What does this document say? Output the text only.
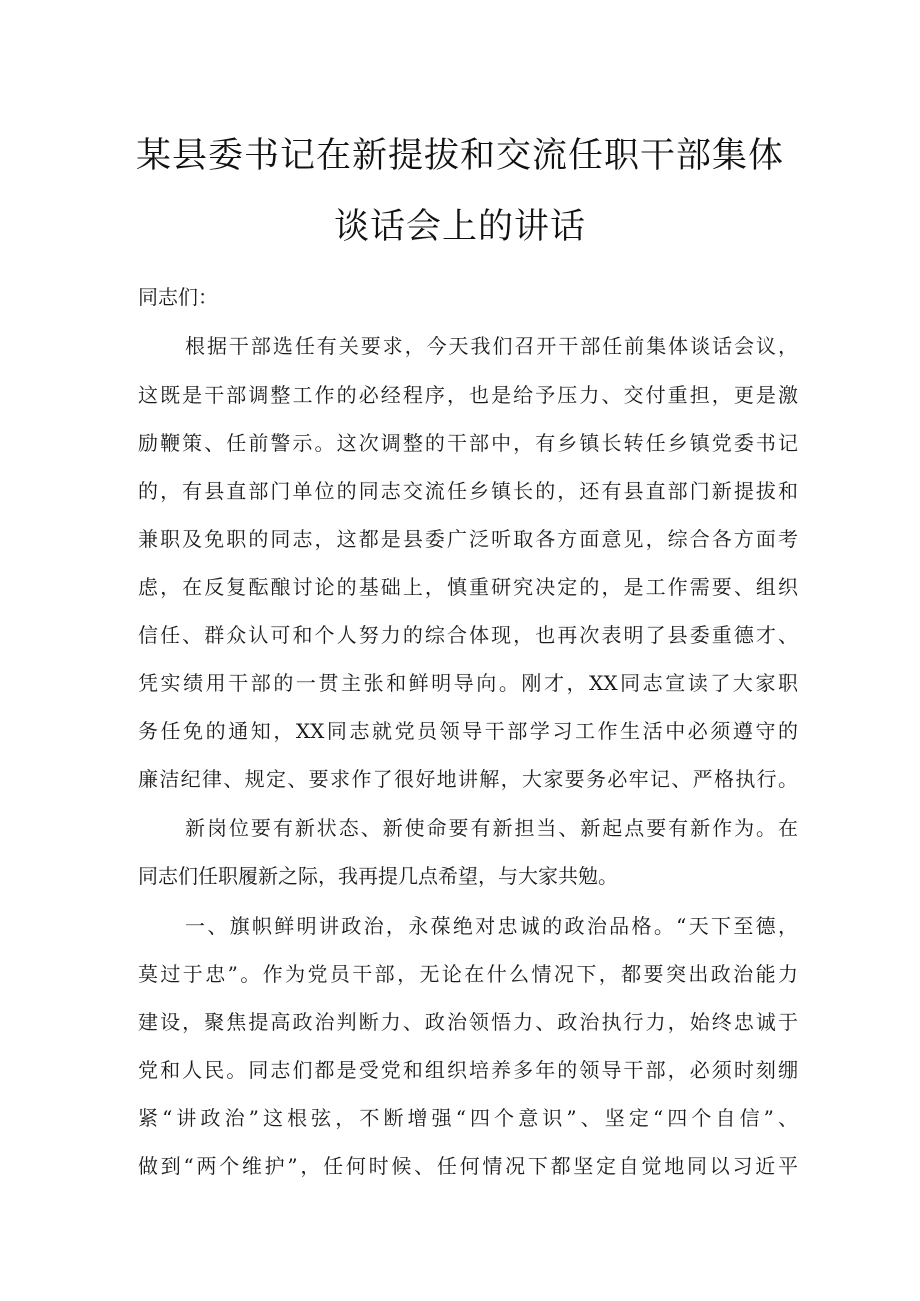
某县委书记在新提拔和交流任职干部集体
谈话会上的讲话
同志们：
根据干部选任有关要求，今天我们召开干部任前集体谈话会议，
这既是干部调整工作的必经程序，也是给予压力、交付重担，更是激
励鞭策、任前警示。这次调整的干部中，有乡镇长转任乡镇党委书记
的，有县直部门单位的同志交流任乡镇长的，还有县直部门新提拔和
兼职及免职的同志，这都是县委广泛听取各方面意见，综合各方面考
虑，在反复酝酿讨论的基础上，慎重研究决定的，是工作需要、组织
信任、群众认可和个人努力的综合体现，也再次表明了县委重德才、
凭实绩用干部的一贯主张和鲜明导向。刚才，XX同志宣读了大家职
务任免的通知，XX同志就党员领导干部学习工作生活中必须遵守的
廉洁纪律、规定、要求作了很好地讲解，大家要务必牢记、严格执行。
新岗位要有新状态、新使命要有新担当、新起点要有新作为。在
同志们任职履新之际，我再提几点希望，与大家共勉。
一、旗帜鲜明讲政治，永葆绝对忠诚的政治品格。“天下至德，
莫过于忠”。作为党员干部，无论在什么情况下，都要突出政治能力
建设，聚焦提高政治判断力、政治领悟力、政治执行力，始终忠诚于
党和人民。同志们都是受党和组织培养多年的领导干部，必须时刻绷
紧“讲政治”这根弦，不断增强“四个意识”、坚定“四个自信”、
做到“两个维护”，任何时候、任何情况下都坚定自觉地同以习近平
